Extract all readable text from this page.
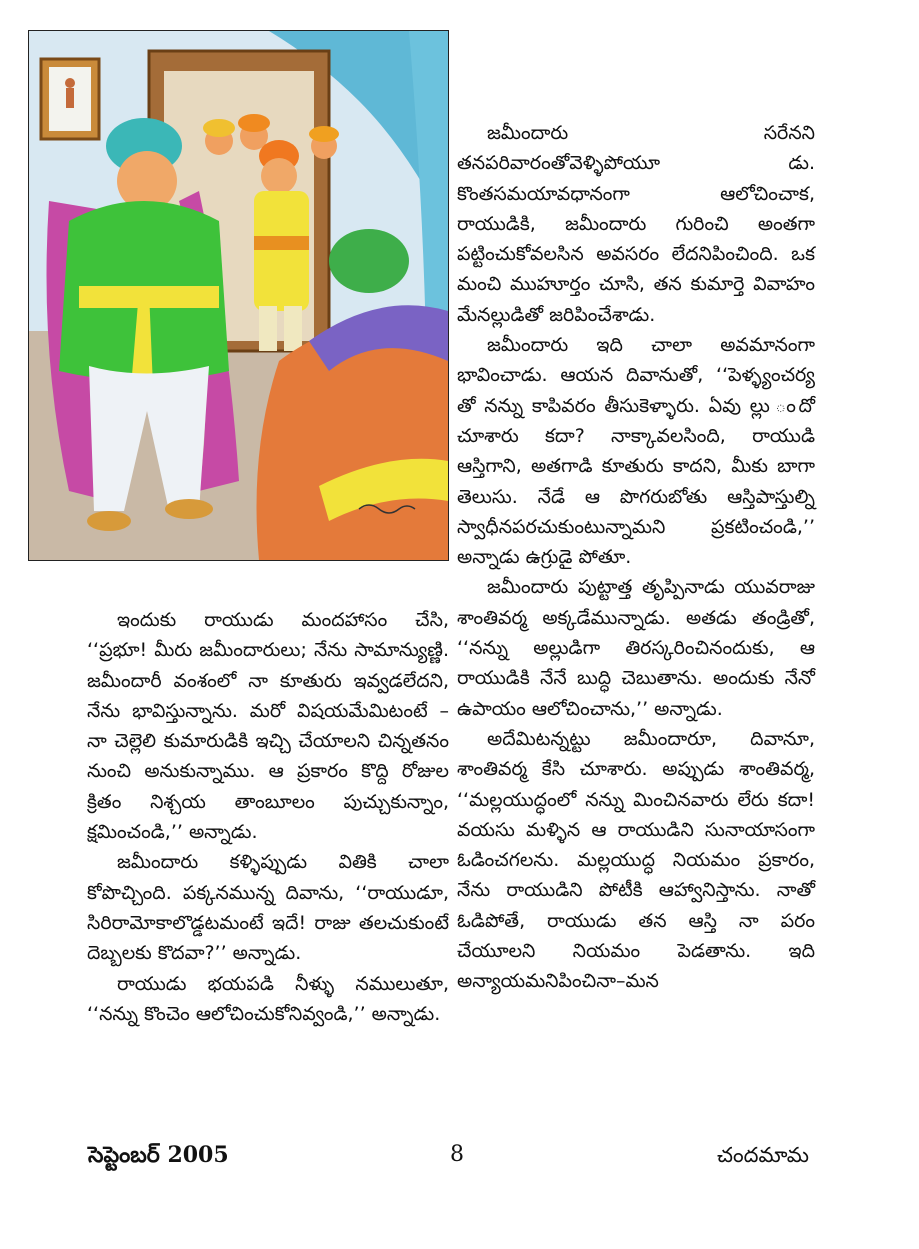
ఇందుకు రాయుడు మందహాసం చేసి, ‘‘ప్రభూ! మీరు జమీందారులు; నేను సామాన్యుణ్ణి. జమీందారీ వంశంలో నా కూతురు ఇవ్వడలేదని, నేను భావిస్తున్నాను. మరో విషయమేమిటంటే – నా చెల్లెలి కుమారుడికి ఇచ్చి చేయాలని చిన్నతనం నుంచి అనుకున్నాము. ఆ ప్రకారం కొద్ది రోజుల క్రితం నిశ్చయ తాంబూలం పుచ్చుకున్నాం, క్షమించండి,’’ అన్నాడు.

జమీందారు కళ్ళిప్పుడు వితికి చాలా కోపొచ్చింది. పక్కనమున్న దివాను, ‘‘రాయుడూ, సిరిరామోకాలొడ్డటమంటే ఇదే! రాజు తలచుకుంటే దెబ్బలకు కొదవా?’’ అన్నాడు.

రాయుడు భయపడి నీళ్ళు నములుతూ, ‘‘నన్ను కొంచెం ఆలోచించుకోనివ్వండి,’’ అన్నాడు.

జమీందారు సరేనని తనపరివారంతోవెళ్ళిపోయూ డు. కొంతసమయావధానంగా ఆలోచించాక, రాయుడికి, జమీందారు గురించి అంతగా పట్టించుకోవలసిన అవసరం లేదనిపించింది. ఒక మంచి ముహూర్తం చూసి, తన కుమార్తె వివాహం మేనల్లుడితో జరిపించేశాడు.

జమీందారు ఇది చాలా అవమానంగా భావించాడు. ఆయన దివానుతో, ‘‘పెళ్ళ్యంచర్య తో నన్ను కాపివరం తీసుకెళ్ళారు. ఏవు ల్లు ందో చూశారు కదా? నాక్కావలసింది, రాయుడి ఆస్తిగాని, అతగాడి కూతురు కాదని, మీకు బాగా తెలుసు. నేడే ఆ పొగరుబోతు ఆస్తిపాస్తుల్ని స్వాధీనపరచుకుంటున్నామని ప్రకటించండి,’’ అన్నాడు ఉగ్రుడై పోతూ.

జమీందారు పుట్టాత్త తృప్పినాడు యువరాజు శాంతివర్మ అక్కడేమున్నాడు. అతడు తండ్రితో, ‘‘నన్ను అల్లుడిగా తిరస్కరించినందుకు, ఆ రాయుడికి నేనే బుద్ధి చెబుతాను. అందుకు నేనో ఉపాయం ఆలోచించాను,’’ అన్నాడు.

అదేమిటన్నట్టు జమీందారూ, దివానూ, శాంతివర్మ కేసి చూశారు. అప్పుడు శాంతివర్మ, ‘‘మల్లయుద్ధంలో నన్ను మించినవారు లేరు కదా! వయసు మళ్ళిన ఆ రాయుడిని సునాయాసంగా ఓడించగలను. మల్లయుద్ధ నియమం ప్రకారం, నేను రాయుడిని పోటీకి ఆహ్వానిస్తాను. నాతో ఓడిపోతే, రాయుడు తన ఆస్తి నా పరం చేయూలని నియమం పెడతాను. ఇది అన్యాయమనిపించినా–మన

సెప్టెంబర్ 2005	8	చందమామ
